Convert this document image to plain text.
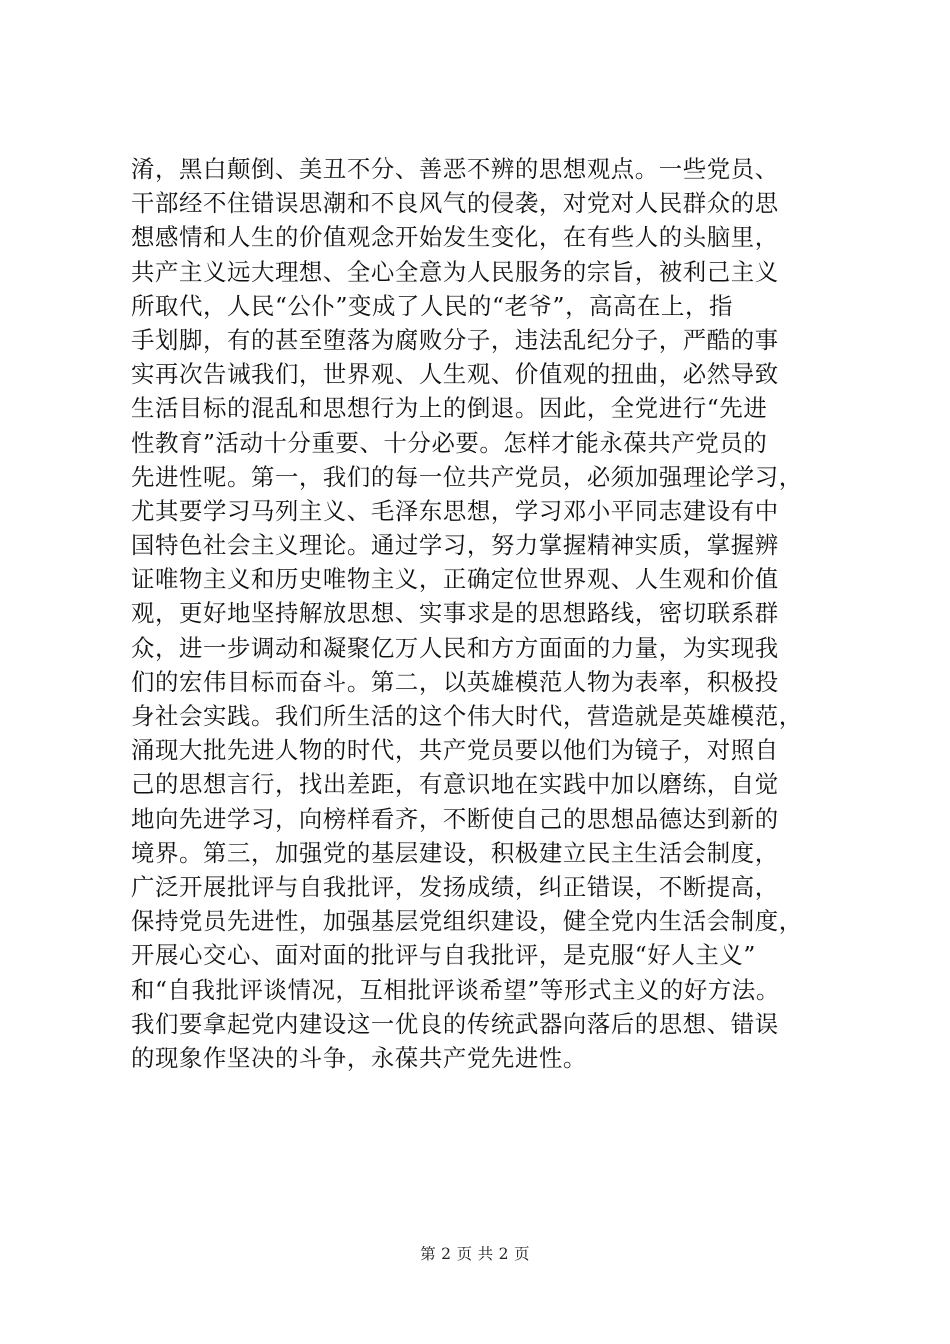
淆，黑白颠倒、美丑不分、善恶不辨的思想观点。一些党员、
干部经不住错误思潮和不良风气的侵袭，对党对人民群众的思
想感情和人生的价值观念开始发生变化，在有些人的头脑里，
共产主义远大理想、全心全意为人民服务的宗旨，被利己主义
所取代，人民“公仆”变成了人民的“老爷”，高高在上，指
手划脚，有的甚至堕落为腐败分子，违法乱纪分子，严酷的事
实再次告诫我们，世界观、人生观、价值观的扭曲，必然导致
生活目标的混乱和思想行为上的倒退。因此，全党进行“先进
性教育”活动十分重要、十分必要。怎样才能永葆共产党员的
先进性呢。第一，我们的每一位共产党员，必须加强理论学习，
尤其要学习马列主义、毛泽东思想，学习邓小平同志建设有中
国特色社会主义理论。通过学习，努力掌握精神实质，掌握辨
证唯物主义和历史唯物主义，正确定位世界观、人生观和价值
观，更好地坚持解放思想、实事求是的思想路线，密切联系群
众，进一步调动和凝聚亿万人民和方方面面的力量，为实现我
们的宏伟目标而奋斗。第二，以英雄模范人物为表率，积极投
身社会实践。我们所生活的这个伟大时代，营造就是英雄模范，
涌现大批先进人物的时代，共产党员要以他们为镜子，对照自
己的思想言行，找出差距，有意识地在实践中加以磨练，自觉
地向先进学习，向榜样看齐，不断使自己的思想品德达到新的
境界。第三，加强党的基层建设，积极建立民主生活会制度，
广泛开展批评与自我批评，发扬成绩，纠正错误，不断提高，
保持党员先进性，加强基层党组织建设，健全党内生活会制度，
开展心交心、面对面的批评与自我批评，是克服“好人主义”
和“自我批评谈情况，互相批评谈希望”等形式主义的好方法。
我们要拿起党内建设这一优良的传统武器向落后的思想、错误
的现象作坚决的斗争，永葆共产党先进性。
第 2 页 共 2 页
